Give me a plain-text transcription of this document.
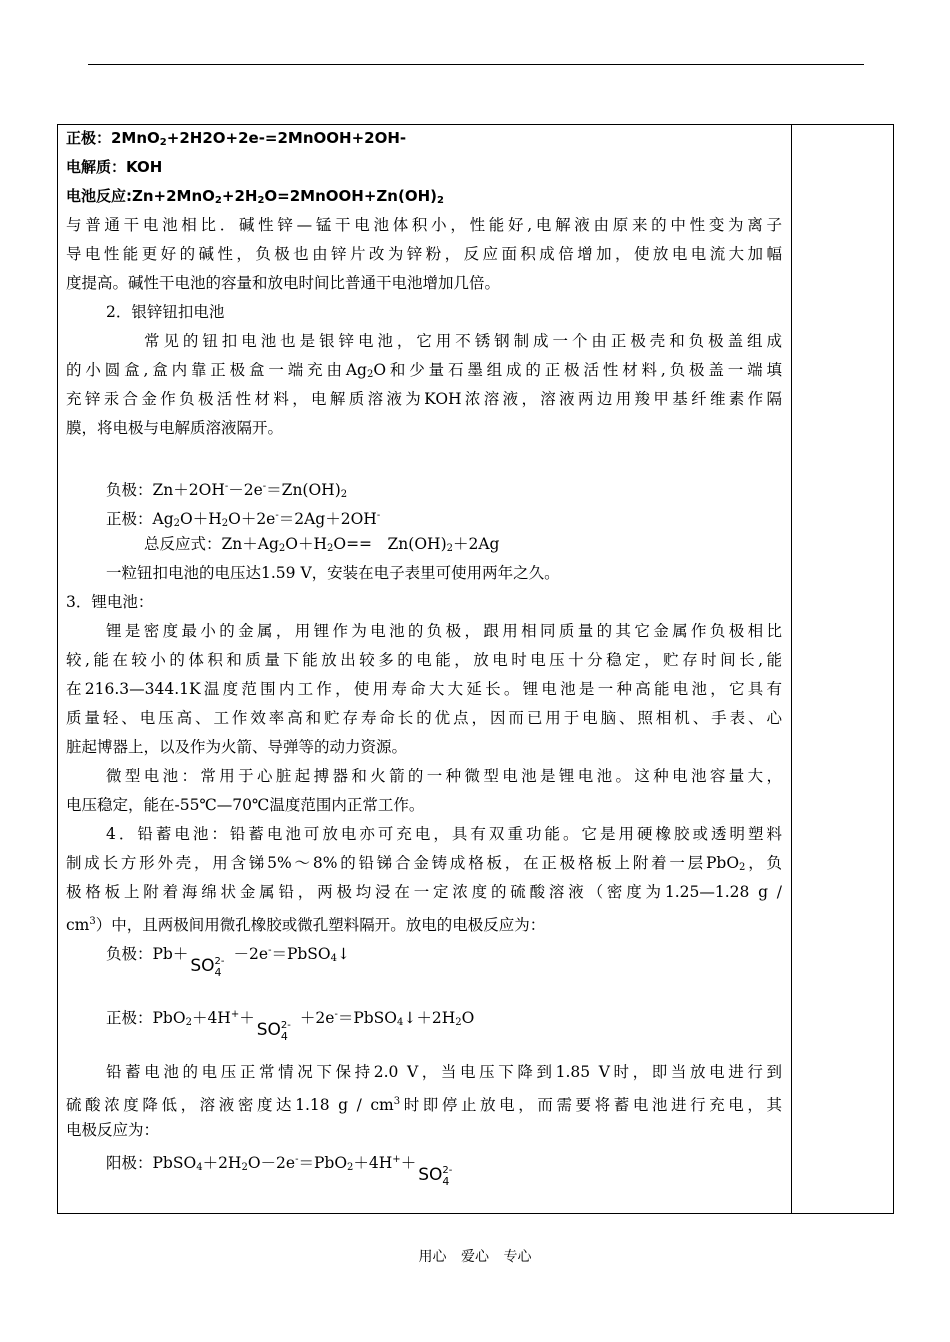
正极：2MnO$_2$+2H2O+2e-=2MnOOH+2OH-
电解质：KOH
电池反应$:Zn+2MnO_2+2H_2O=2MnOOH+Zn(OH)_2$
与普通干电池相比．碱性锌—锰干电池体积小，性能好,电解液由原来的中性变为离子
导电性能更好的碱性，负极也由锌片改为锌粉，反应面积成倍增加，使放电电流大加幅
度提高。碱性干电池的容量和放电时间比普通干电池增加几倍。
2．银锌钮扣电池
常见的钮扣电池也是银锌电池，它用不锈钢制成一个由正极壳和负极盖组成
的小圆盒,盒内靠正极盒一端充由$Ag_2O$和少量石墨组成的正极活性材料,负极盖一端填
充锌汞合金作负极活性材料，电解质溶液为KOH浓溶液，溶液两边用羧甲基纤维素作隔
膜，将电极与电解质溶液隔开。
负极：$Zn+2OH^--2e^-=Zn(OH)_2$
正极：$Ag_2O+H_2O+2e^-=2Ag+2OH^-$
总反应式：$Zn+Ag_2O+H_2O==$　$Zn(OH)_2+2Ag$
一粒钮扣电池的电压达1.59 V，安装在电子表里可使用两年之久。
3．锂电池：
锂是密度最小的金属，用锂作为电池的负极，跟用相同质量的其它金属作负极相比
较,能在较小的体积和质量下能放出较多的电能，放电时电压十分稳定，贮存时间长,能
在216.3—344.1K温度范围内工作，使用寿命大大延长。锂电池是一种高能电池，它具有
质量轻、电压高、工作效率高和贮存寿命长的优点，因而已用于电脑、照相机、手表、心
脏起博器上，以及作为火箭、导弹等的动力资源。
微型电池：常用于心脏起搏器和火箭的一种微型电池是锂电池。这种电池容量大，
电压稳定，能在-55℃—70℃温度范围内正常工作。
4．铅蓄电池：铅蓄电池可放电亦可充电，具有双重功能。它是用硬橡胶或透明塑料
制成长方形外壳，用含锑5%～8%的铅锑合金铸成格板，在正极格板上附着一层PbO$_2$，负
极格板上附着海绵状金属铅，两极均浸在一定浓度的硫酸溶液（密度为1.25—1.28 g /
$cm^3$）中，且两极间用微孔橡胶或微孔塑料隔开。放电的电极反应为：
负极：$Pb+SO_4^{2-}$ －2e-＝PbSO$_4$↓
正极：$PbO_2+4H^++SO_4^{2-}$ $+2e^-=PbSO_4↓+2H_2O$
铅蓄电池的电压正常情况下保持2.0 V，当电压下降到1.85 V时，即当放电进行到
硫酸浓度降低，溶液密度达1.18 g / $cm^3$时即停止放电，而需要将蓄电池进行充电，其
电极反应为：
阳极：$PbSO_4+2H_2O-2e^-=PbO_2+4H^++SO_4^{2-}$
用心 爱心 专心
